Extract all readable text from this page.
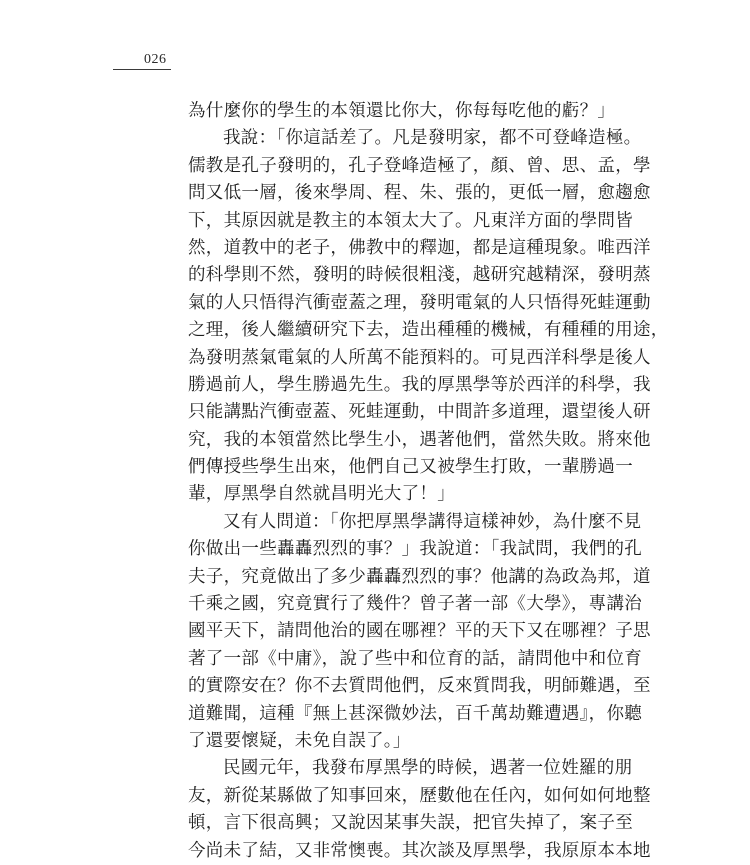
026
為什麼你的學生的本領還比你大，你每每吃他的虧？」
我說：「你這話差了。凡是發明家，都不可登峰造極。
儒教是孔子發明的，孔子登峰造極了，顏、曾、思、孟，學
問又低一層，後來學周、程、朱、張的，更低一層，愈趨愈
下，其原因就是教主的本領太大了。凡東洋方面的學問皆
然，道教中的老子，佛教中的釋迦，都是這種現象。唯西洋
的科學則不然，發明的時候很粗淺，越研究越精深，發明蒸
氣的人只悟得汽衝壺蓋之理，發明電氣的人只悟得死蛙運動
之理，後人繼續研究下去，造出種種的機械，有種種的用途，
為發明蒸氣電氣的人所萬不能預料的。可見西洋科學是後人
勝過前人，學生勝過先生。我的厚黑學等於西洋的科學，我
只能講點汽衝壺蓋、死蛙運動，中間許多道理，還望後人研
究，我的本領當然比學生小，遇著他們，當然失敗。將來他
們傳授些學生出來，他們自己又被學生打敗，一輩勝過一
輩，厚黑學自然就昌明光大了！」
又有人問道：「你把厚黑學講得這樣神妙，為什麼不見
你做出一些轟轟烈烈的事？」我說道：「我試問，我們的孔
夫子，究竟做出了多少轟轟烈烈的事？他講的為政為邦，道
千乘之國，究竟實行了幾件？曾子著一部《大學》，專講治
國平天下，請問他治的國在哪裡？平的天下又在哪裡？子思
著了一部《中庸》，說了些中和位育的話，請問他中和位育
的實際安在？你不去質問他們，反來質問我，明師難遇，至
道難聞，這種『無上甚深微妙法，百千萬劫難遭遇』，你聽
了還要懷疑，未免自誤了。」
民國元年，我發布厚黑學的時候，遇著一位姓羅的朋
友，新從某縣做了知事回來，歷數他在任內，如何如何地整
頓，言下很高興；又說因某事失誤，把官失掉了，案子至
今尚未了結，又非常懊喪。其次談及厚黑學，我原原本本地
